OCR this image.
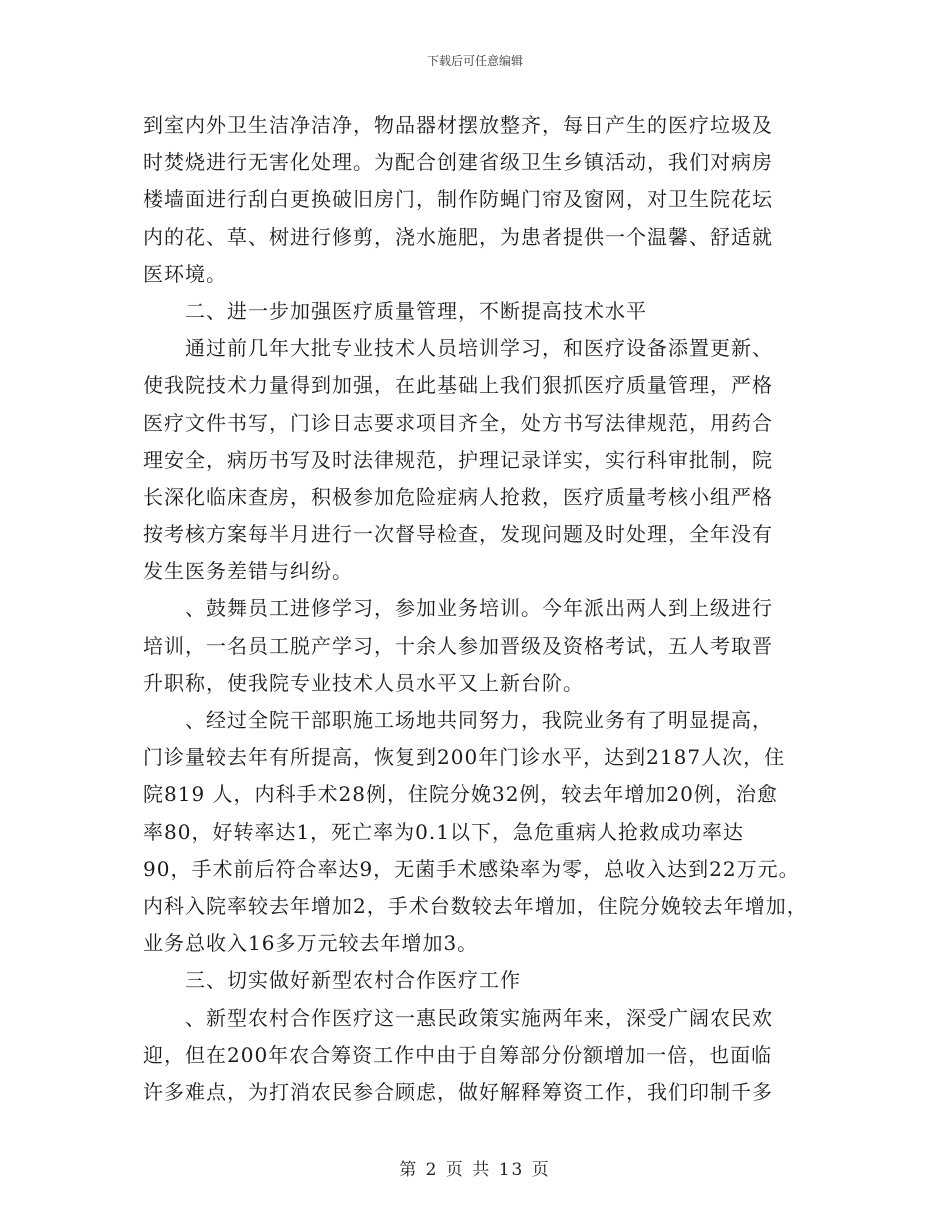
下载后可任意编辑
到室内外卫生洁净洁净，物品器材摆放整齐，每日产生的医疗垃圾及
时焚烧进行无害化处理。为配合创建省级卫生乡镇活动，我们对病房
楼墙面进行刮白更换破旧房门，制作防蝇门帘及窗网，对卫生院花坛
内的花、草、树进行修剪，浇水施肥，为患者提供一个温馨、舒适就
医环境。
二、进一步加强医疗质量管理，不断提高技术水平
通过前几年大批专业技术人员培训学习，和医疗设备添置更新、
使我院技术力量得到加强，在此基础上我们狠抓医疗质量管理，严格
医疗文件书写，门诊日志要求项目齐全，处方书写法律规范，用药合
理安全，病历书写及时法律规范，护理记录详实，实行科审批制，院
长深化临床查房，积极参加危险症病人抢救，医疗质量考核小组严格
按考核方案每半月进行一次督导检查，发现问题及时处理，全年没有
发生医务差错与纠纷。
、鼓舞员工进修学习，参加业务培训。今年派出两人到上级进行
培训，一名员工脱产学习，十余人参加晋级及资格考试，五人考取晋
升职称，使我院专业技术人员水平又上新台阶。
、经过全院干部职施工场地共同努力，我院业务有了明显提高，
门诊量较去年有所提高，恢复到200年门诊水平，达到2187人次，住
院819 人，内科手术28例，住院分娩32例，较去年增加20例，治愈
率80，好转率达1，死亡率为0.1以下，急危重病人抢救成功率达
90，手术前后符合率达9，无菌手术感染率为零，总收入达到22万元。
内科入院率较去年增加2，手术台数较去年增加，住院分娩较去年增加，
业务总收入16多万元较去年增加3。
三、切实做好新型农村合作医疗工作
、新型农村合作医疗这一惠民政策实施两年来，深受广阔农民欢
迎，但在200年农合筹资工作中由于自筹部分份额增加一倍，也面临
许多难点，为打消农民参合顾虑，做好解释筹资工作，我们印制千多
第 2 页 共 13 页
